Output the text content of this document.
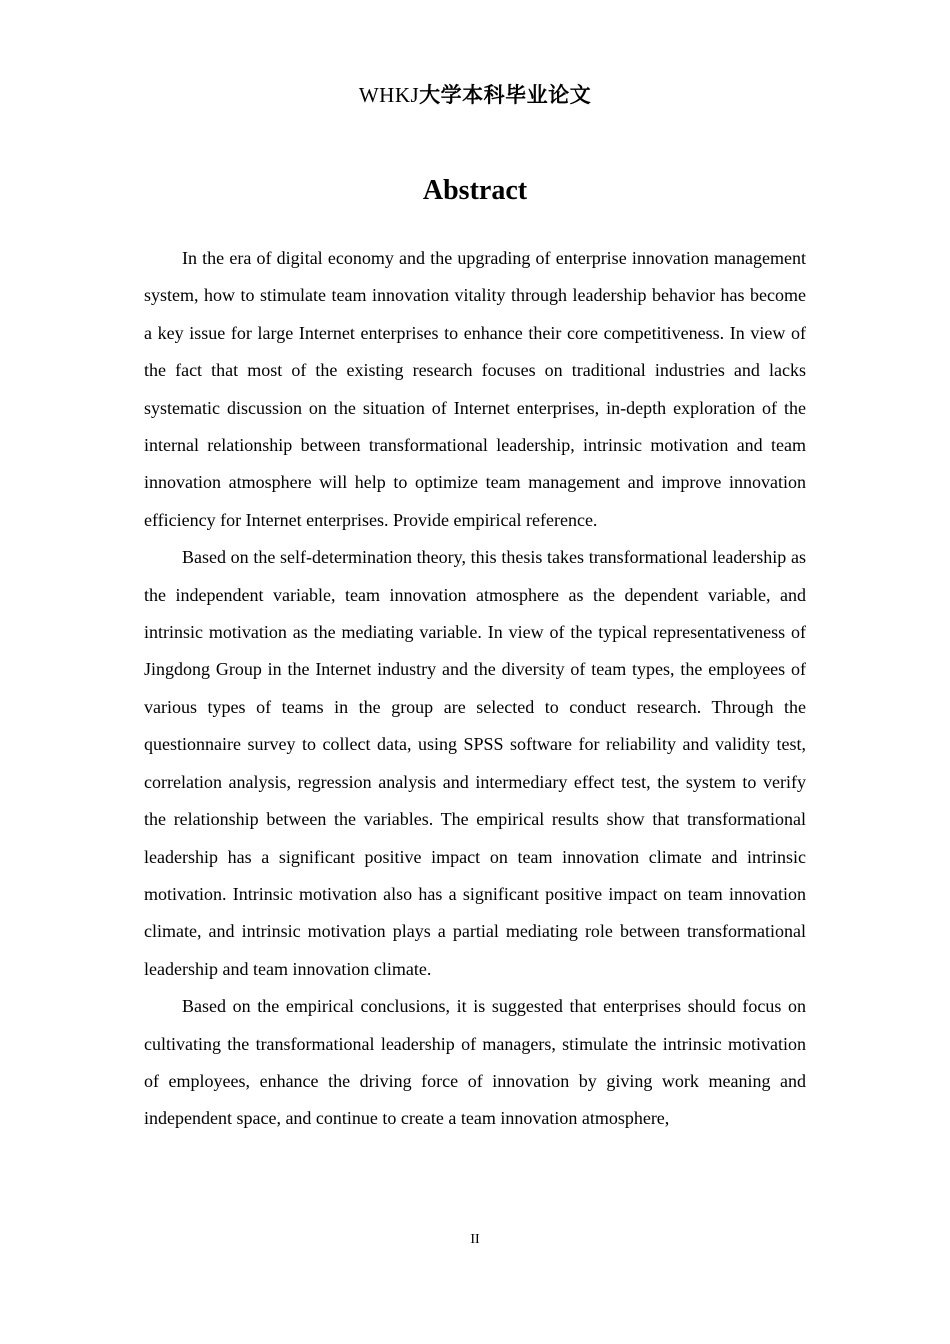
WHKJ大学本科毕业论文
Abstract

In the era of digital economy and the upgrading of enterprise innovation management system, how to stimulate team innovation vitality through leadership behavior has become a key issue for large Internet enterprises to enhance their core competitiveness. In view of the fact that most of the existing research focuses on traditional industries and lacks systematic discussion on the situation of Internet enterprises, in-depth exploration of the internal relationship between transformational leadership, intrinsic motivation and team innovation atmosphere will help to optimize team management and improve innovation efficiency for Internet enterprises. Provide empirical reference.

Based on the self-determination theory, this thesis takes transformational leadership as the independent variable, team innovation atmosphere as the dependent variable, and intrinsic motivation as the mediating variable. In view of the typical representativeness of Jingdong Group in the Internet industry and the diversity of team types, the employees of various types of teams in the group are selected to conduct research. Through the questionnaire survey to collect data, using SPSS software for reliability and validity test, correlation analysis, regression analysis and intermediary effect test, the system to verify the relationship between the variables. The empirical results show that transformational leadership has a significant positive impact on team innovation climate and intrinsic motivation. Intrinsic motivation also has a significant positive impact on team innovation climate, and intrinsic motivation plays a partial mediating role between transformational leadership and team innovation climate.

Based on the empirical conclusions, it is suggested that enterprises should focus on cultivating the transformational leadership of managers, stimulate the intrinsic motivation of employees, enhance the driving force of innovation by giving work meaning and independent space, and continue to create a team innovation atmosphere,

II
